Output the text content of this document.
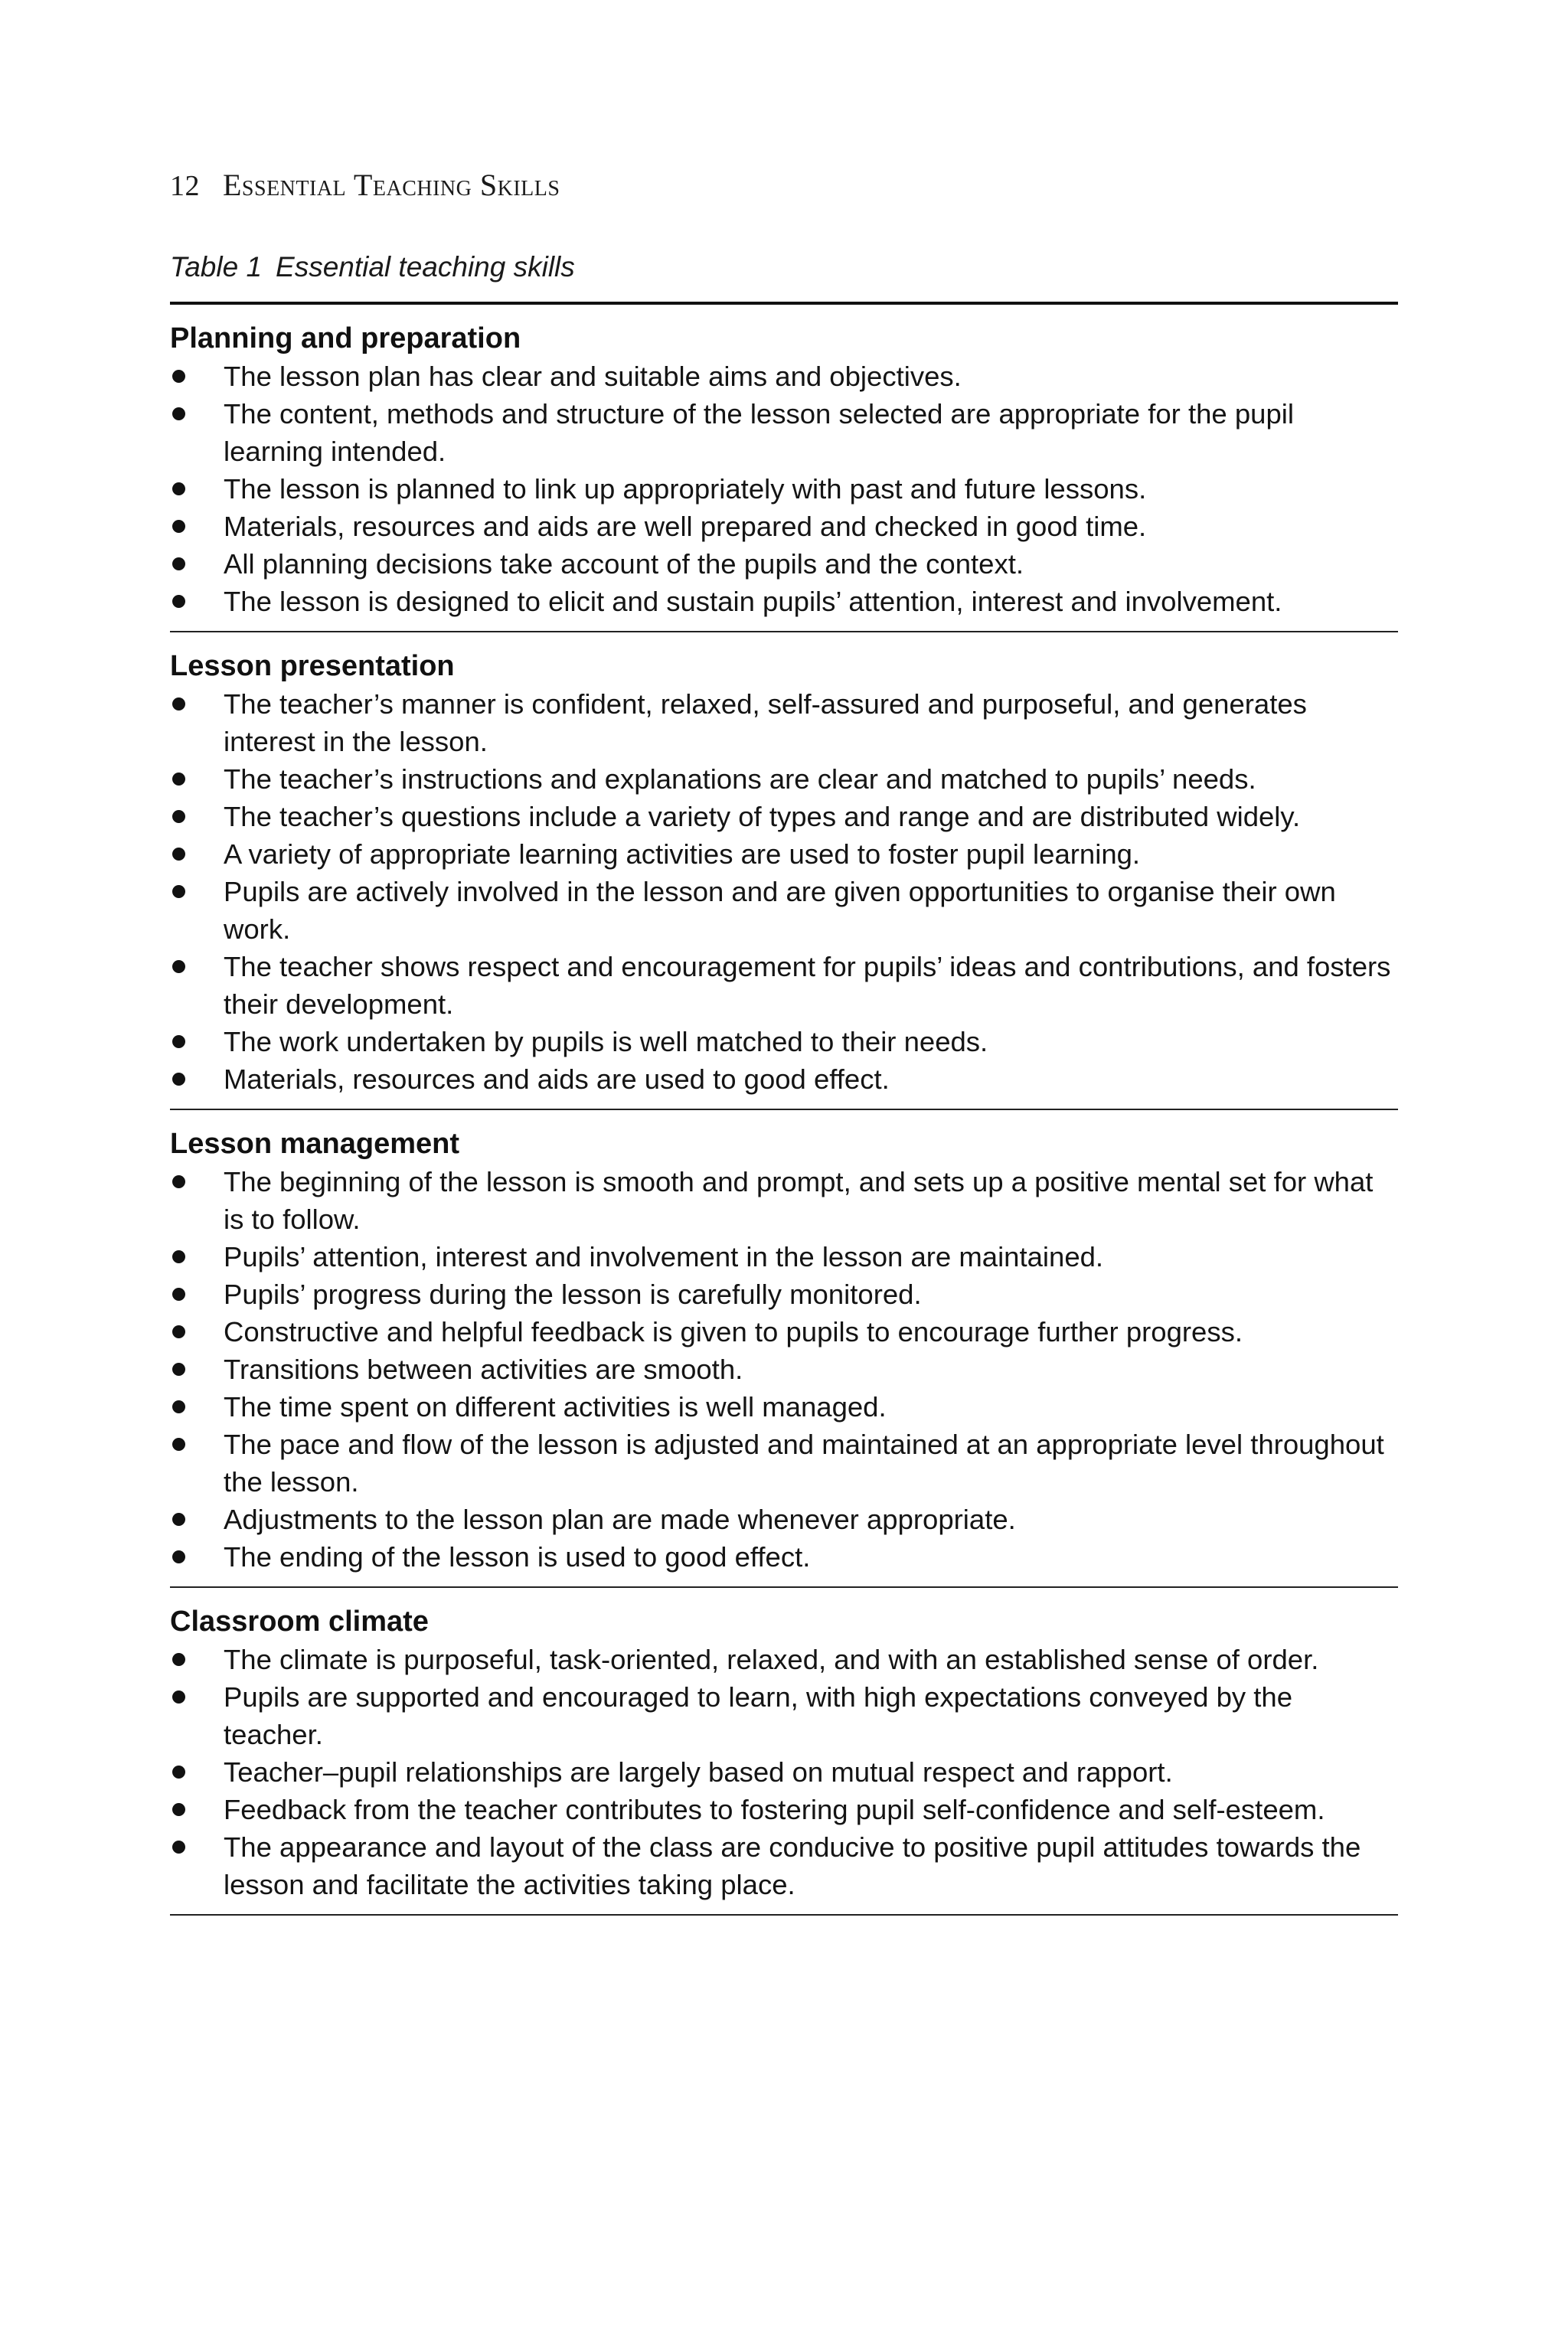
12 Essential Teaching Skills
Table 1 Essential teaching skills
Planning and preparation
The lesson plan has clear and suitable aims and objectives.
The content, methods and structure of the lesson selected are appropriate for the pupil learning intended.
The lesson is planned to link up appropriately with past and future lessons.
Materials, resources and aids are well prepared and checked in good time.
All planning decisions take account of the pupils and the context.
The lesson is designed to elicit and sustain pupils’ attention, interest and involvement.
Lesson presentation
The teacher’s manner is confident, relaxed, self-assured and purposeful, and generates interest in the lesson.
The teacher’s instructions and explanations are clear and matched to pupils’ needs.
The teacher’s questions include a variety of types and range and are distributed widely.
A variety of appropriate learning activities are used to foster pupil learning.
Pupils are actively involved in the lesson and are given opportunities to organise their own work.
The teacher shows respect and encouragement for pupils’ ideas and contributions, and fosters their development.
The work undertaken by pupils is well matched to their needs.
Materials, resources and aids are used to good effect.
Lesson management
The beginning of the lesson is smooth and prompt, and sets up a positive mental set for what is to follow.
Pupils’ attention, interest and involvement in the lesson are maintained.
Pupils’ progress during the lesson is carefully monitored.
Constructive and helpful feedback is given to pupils to encourage further progress.
Transitions between activities are smooth.
The time spent on different activities is well managed.
The pace and flow of the lesson is adjusted and maintained at an appropriate level throughout the lesson.
Adjustments to the lesson plan are made whenever appropriate.
The ending of the lesson is used to good effect.
Classroom climate
The climate is purposeful, task-oriented, relaxed, and with an established sense of order.
Pupils are supported and encouraged to learn, with high expectations conveyed by the teacher.
Teacher–pupil relationships are largely based on mutual respect and rapport.
Feedback from the teacher contributes to fostering pupil self-confidence and self-esteem.
The appearance and layout of the class are conducive to positive pupil attitudes towards the lesson and facilitate the activities taking place.
